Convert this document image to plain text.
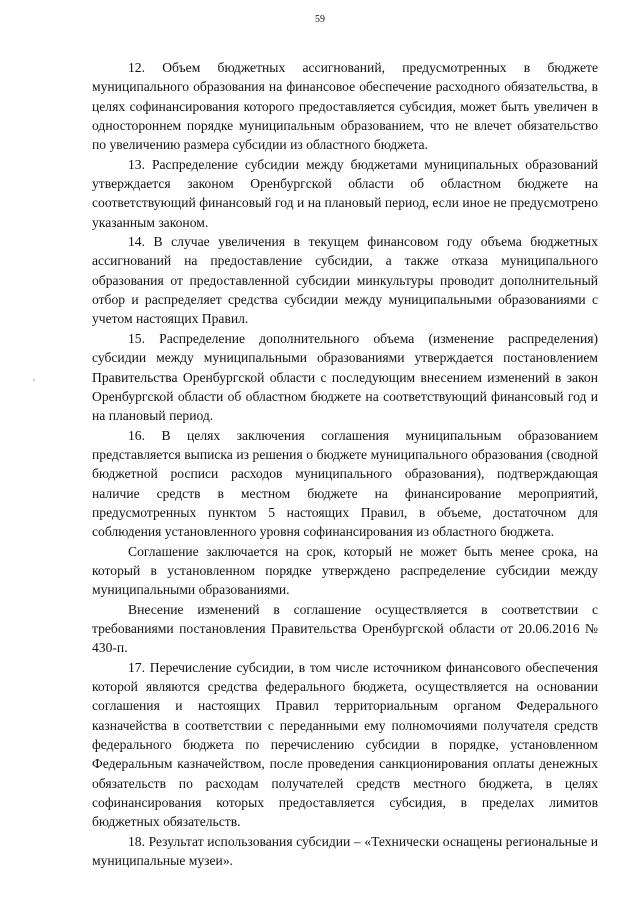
59

12. Объем бюджетных ассигнований, предусмотренных в бюджете муниципального образования на финансовое обеспечение расходного обязательства, в целях софинансирования которого предоставляется субсидия, может быть увеличен в одностороннем порядке муниципальным образованием, что не влечет обязательство по увеличению размера субсидии из областного бюджета.

13. Распределение субсидии между бюджетами муниципальных образований утверждается законом Оренбургской области об областном бюджете на соответствующий финансовый год и на плановый период, если иное не предусмотрено указанным законом.

14. В случае увеличения в текущем финансовом году объема бюджетных ассигнований на предоставление субсидии, а также отказа муниципального образования от предоставленной субсидии минкультуры проводит дополнительный отбор и распределяет средства субсидии между муниципальными образованиями с учетом настоящих Правил.

15. Распределение дополнительного объема (изменение распределения) субсидии между муниципальными образованиями утверждается постановлением Правительства Оренбургской области с последующим внесением изменений в закон Оренбургской области об областном бюджете на соответствующий финансовый год и на плановый период.

16. В целях заключения соглашения муниципальным образованием представляется выписка из решения о бюджете муниципального образования (сводной бюджетной росписи расходов муниципального образования), подтверждающая наличие средств в местном бюджете на финансирование мероприятий, предусмотренных пунктом 5 настоящих Правил, в объеме, достаточном для соблюдения установленного уровня софинансирования из областного бюджета.

Соглашение заключается на срок, который не может быть менее срока, на который в установленном порядке утверждено распределение субсидии между муниципальными образованиями.

Внесение изменений в соглашение осуществляется в соответствии с требованиями постановления Правительства Оренбургской области от 20.06.2016 № 430-п.

17. Перечисление субсидии, в том числе источником финансового обеспечения которой являются средства федерального бюджета, осуществляется на основании соглашения и настоящих Правил территориальным органом Федерального казначейства в соответствии с переданными ему полномочиями получателя средств федерального бюджета по перечислению субсидии в порядке, установленном Федеральным казначейством, после проведения санкционирования оплаты денежных обязательств по расходам получателей средств местного бюджета, в целях софинансирования которых предоставляется субсидия, в пределах лимитов бюджетных обязательств.

18. Результат использования субсидии – «Технически оснащены региональные и муниципальные музеи».
